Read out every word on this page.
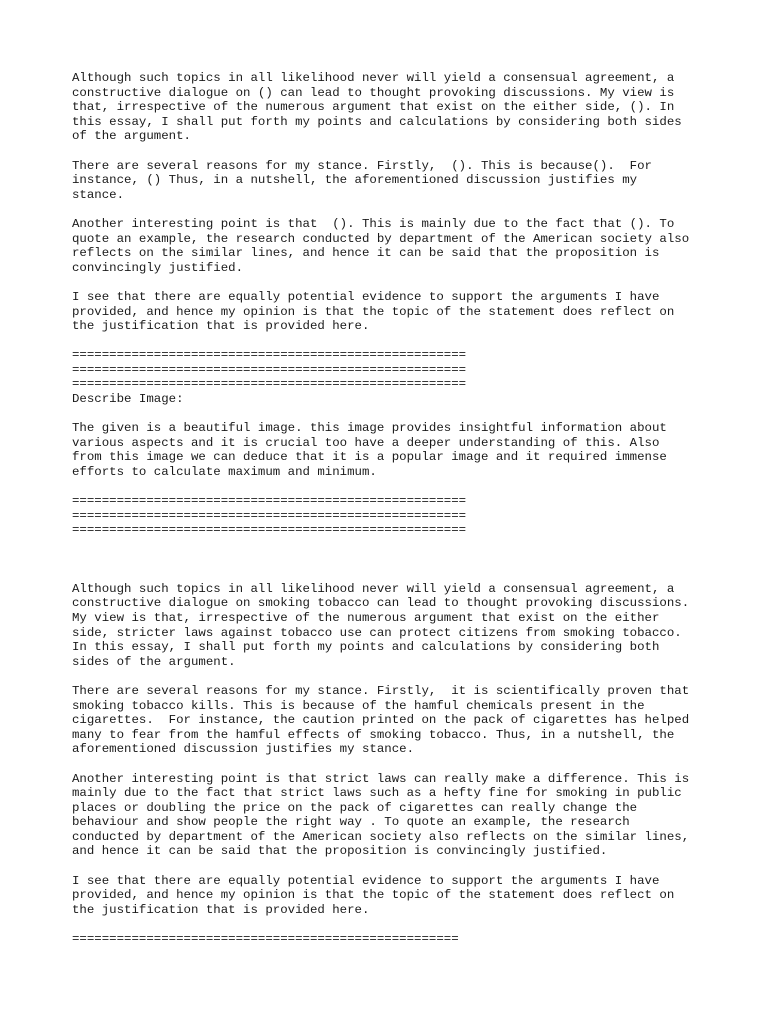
Although such topics in all likelihood never will yield a consensual agreement, a
constructive dialogue on () can lead to thought provoking discussions. My view is
that, irrespective of the numerous argument that exist on the either side, (). In
this essay, I shall put forth my points and calculations by considering both sides
of the argument.

There are several reasons for my stance. Firstly,  (). This is because().  For
instance, () Thus, in a nutshell, the aforementioned discussion justifies my
stance.

Another interesting point is that  (). This is mainly due to the fact that (). To
quote an example, the research conducted by department of the American society also
reflects on the similar lines, and hence it can be said that the proposition is
convincingly justified.

I see that there are equally potential evidence to support the arguments I have
provided, and hence my opinion is that the topic of the statement does reflect on
the justification that is provided here.

=====================================================
=====================================================
=====================================================
Describe Image:

The given is a beautiful image. this image provides insightful information about
various aspects and it is crucial too have a deeper understanding of this. Also
from this image we can deduce that it is a popular image and it required immense
efforts to calculate maximum and minimum.

=====================================================
=====================================================
=====================================================

Although such topics in all likelihood never will yield a consensual agreement, a
constructive dialogue on smoking tobacco can lead to thought provoking discussions.
My view is that, irrespective of the numerous argument that exist on the either
side, stricter laws against tobacco use can protect citizens from smoking tobacco.
In this essay, I shall put forth my points and calculations by considering both
sides of the argument.

There are several reasons for my stance. Firstly,  it is scientifically proven that
smoking tobacco kills. This is because of the hamful chemicals present in the
cigarettes.  For instance, the caution printed on the pack of cigarettes has helped
many to fear from the hamful effects of smoking tobacco. Thus, in a nutshell, the
aforementioned discussion justifies my stance.

Another interesting point is that strict laws can really make a difference. This is
mainly due to the fact that strict laws such as a hefty fine for smoking in public
places or doubling the price on the pack of cigarettes can really change the
behaviour and show people the right way . To quote an example, the research
conducted by department of the American society also reflects on the similar lines,
and hence it can be said that the proposition is convincingly justified.

I see that there are equally potential evidence to support the arguments I have
provided, and hence my opinion is that the topic of the statement does reflect on
the justification that is provided here.

====================================================
